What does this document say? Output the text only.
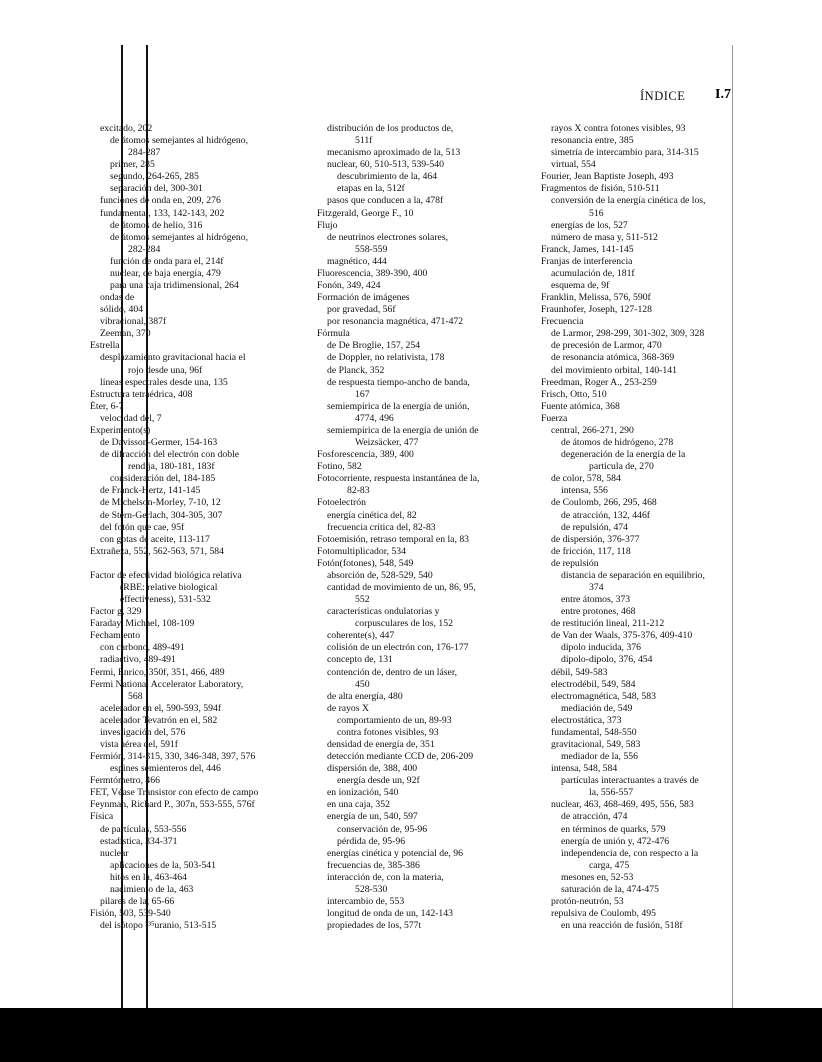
ÍNDICE I.7
excitado, 202
de átomos semejantes al hidrógeno,
284-287
primer, 285
segundo, 264-265, 285
separación del, 300-301
funciones de onda en, 209, 276
fundamental, 133, 142-143, 202
de átomos de helio, 316
de átomos semejantes al hidrógeno,
282-284
función de onda para el, 214f
nuclear, de baja energía, 479
para una caja tridimensional, 264
ondas de
sólido, 404
vibracional, 387f
Zeeman, 370
Estrella
desplazamiento gravitacional hacia el
rojo desde una, 96f
líneas espectrales desde una, 135
Estructura tetraédrica, 408
Éter, 6-7
velocidad del, 7
Experimento(s)
de Davisson-Germer, 154-163
de difracción del electrón con doble
rendija, 180-181, 183f
consideración del, 184-185
de Franck-Hertz, 141-145
de Michelson-Morley, 7-10, 12
de Stern-Gerlach, 304-305, 307
del fotón que cae, 95f
con gotas de aceite, 113-117
Extrañeza, 552, 562-563, 571, 584
Factor de efectividad biológica relativa
(RBE: relative biological
effectiveness), 531-532
Factor g, 329
Faraday, Michael, 108-109
Fechamiento
con carbono, 489-491
radiactivo, 489-491
Fermi, Enrico, 350f, 351, 466, 489
Fermi National Accelerator Laboratory,
568
acelerador en el, 590-593, 594f
acelerador Tevatrón en el, 582
investigación del, 576
vista aérea del, 591f
Fermión, 314-315, 330, 346-348, 397, 576
espines semienteros del, 446
Fermtómetro, 466
FET, Véase Transistor con efecto de campo
Feynman, Richard P., 307n, 553-555, 576f
Física
de partículas, 553-556
estadística, 334-371
nuclear
aplicaciones de la, 503-541
hitos en la, 463-464
nacimiento de la, 463
pilares de la, 65-66
Fisión, 503, 539-540
del isótopo ²³⁵uranio, 513-515
distribución de los productos de,
511f
mecanismo aproximado de la, 513
nuclear, 60, 510-513, 539-540
descubrimiento de la, 464
etapas en la, 512f
pasos que conducen a la, 478f
Fitzgerald, George F., 10
Flujo
de neutrinos electrones solares,
558-559
magnético, 444
Fluorescencia, 389-390, 400
Fonón, 349, 424
Formación de imágenes
por gravedad, 56f
por resonancia magnética, 471-472
Fórmula
de De Broglie, 157, 254
de Doppler, no relativista, 178
de Planck, 352
de respuesta tiempo-ancho de banda,
167
semiempírica de la energía de unión,
4774, 496
semiempírica de la energía de unión de
Weizsäcker, 477
Fosforescencia, 389, 400
Fotino, 582
Fotocorriente, respuesta instantánea de la,
82-83
Fotoelectrón
energía cinética del, 82
frecuencia crítica del, 82-83
Fotoemisión, retraso temporal en la, 83
Fotomultiplicador, 534
Fotón(fotones), 548, 549
absorción de, 528-529, 540
cantidad de movimiento de un, 86, 95,
552
características ondulatorias y
corpusculares de los, 152
coherente(s), 447
colisión de un electrón con, 176-177
concepto de, 131
contención de, dentro de un láser,
450
de alta energía, 480
de rayos X
comportamiento de un, 89-93
contra fotones visibles, 93
densidad de energía de, 351
detección mediante CCD de, 206-209
dispersión de, 388, 400
energía desde un, 92f
en ionización, 540
en una caja, 352
energía de un, 540, 597
conservación de, 95-96
pérdida de, 95-96
energías cinética y potencial de, 96
frecuencias de, 385-386
interacción de, con la materia,
528-530
intercambio de, 553
longitud de onda de un, 142-143
propiedades de los, 577t
rayos X contra fotones visibles, 93
resonancia entre, 385
simetría de intercambio para, 314-315
virtual, 554
Fourier, Jean Baptiste Joseph, 493
Fragmentos de fisión, 510-511
conversión de la energía cinética de los,
516
energías de los, 527
número de masa y, 511-512
Franck, James, 141-145
Franjas de interferencia
acumulación de, 181f
esquema de, 9f
Franklin, Melissa, 576, 590f
Fraunhofer, Joseph, 127-128
Frecuencia
de Larmor, 298-299, 301-302, 309, 328
de precesión de Larmor, 470
de resonancia atómica, 368-369
del movimiento orbital, 140-141
Freedman, Roger A., 253-259
Frisch, Otto, 510
Fuente atómica, 368
Fuerza
central, 266-271, 290
de átomos de hidrógeno, 278
degeneración de la energía de la
partícula de, 270
de color, 578, 584
intensa, 556
de Coulomb, 266, 295, 468
de atracción, 132, 446f
de repulsión, 474
de dispersión, 376-377
de fricción, 117, 118
de repulsión
distancia de separación en equilibrio,
374
entre átomos, 373
entre protones, 468
de restitución lineal, 211-212
de Van der Waals, 375-376, 409-410
dipolo inducida, 376
dipolo-dipolo, 376, 454
débil, 549-583
electrodébil, 549, 584
electromagnética, 548, 583
mediación de, 549
electrostática, 373
fundamental, 548-550
gravitacional, 549, 583
mediador de la, 556
intensa, 548, 584
partículas interactuantes a través de
la, 556-557
nuclear, 463, 468-469, 495, 556, 583
de atracción, 474
en términos de quarks, 579
energía de unión y, 472-476
independencia de, con respecto a la
carga, 475
mesones en, 52-53
saturación de la, 474-475
protón-neutrón, 53
repulsiva de Coulomb, 495
en una reacción de fusión, 518f
